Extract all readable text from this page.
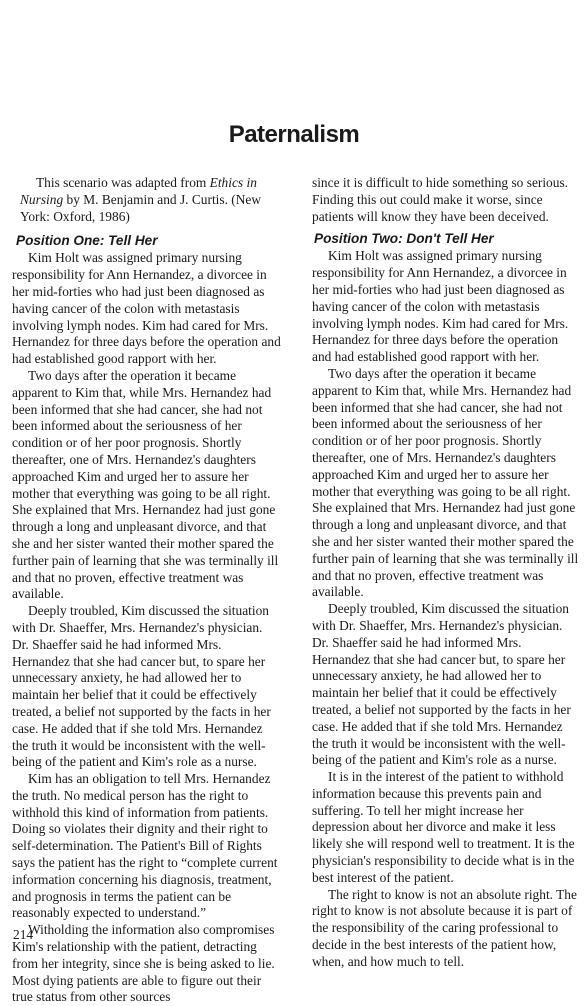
Paternalism

This scenario was adapted from Ethics in Nursing by M. Benjamin and J. Curtis. (New York: Oxford, 1986)

Position One: Tell Her

Kim Holt was assigned primary nursing responsibility for Ann Hernandez, a divorcee in her mid-forties who had just been diagnosed as having cancer of the colon with metastasis involving lymph nodes. Kim had cared for Mrs. Hernandez for three days before the operation and had established good rapport with her.

Two days after the operation it became apparent to Kim that, while Mrs. Hernandez had been informed that she had cancer, she had not been informed about the seriousness of her condition or of her poor prognosis. Shortly thereafter, one of Mrs. Hernandez's daughters approached Kim and urged her to assure her mother that everything was going to be all right. She explained that Mrs. Hernandez had just gone through a long and unpleasant divorce, and that she and her sister wanted their mother spared the further pain of learning that she was terminally ill and that no proven, effective treatment was available.

Deeply troubled, Kim discussed the situation with Dr. Shaeffer, Mrs. Hernandez's physician. Dr. Shaeffer said he had informed Mrs. Hernandez that she had cancer but, to spare her unnecessary anxiety, he had allowed her to maintain her belief that it could be effectively treated, a belief not supported by the facts in her case. He added that if she told Mrs. Hernandez the truth it would be inconsistent with the well-being of the patient and Kim's role as a nurse.

Kim has an obligation to tell Mrs. Hernandez the truth. No medical person has the right to withhold this kind of information from patients. Doing so violates their dignity and their right to self-determination. The Patient's Bill of Rights says the patient has the right to “complete current information concerning his diagnosis, treatment, and prognosis in terms the patient can be reasonably expected to understand.”

Witholding the information also compromises Kim's relationship with the patient, detracting from her integrity, since she is being asked to lie. Most dying patients are able to figure out their true status from other sources

since it is difficult to hide something so serious. Finding this out could make it worse, since patients will know they have been deceived.

Position Two: Don't Tell Her

Kim Holt was assigned primary nursing responsibility for Ann Hernandez, a divorcee in her mid-forties who had just been diagnosed as having cancer of the colon with metastasis involving lymph nodes. Kim had cared for Mrs. Hernandez for three days before the operation and had established good rapport with her.

Two days after the operation it became apparent to Kim that, while Mrs. Hernandez had been informed that she had cancer, she had not been informed about the seriousness of her condition or of her poor prognosis. Shortly thereafter, one of Mrs. Hernandez's daughters approached Kim and urged her to assure her mother that everything was going to be all right. She explained that Mrs. Hernandez had just gone through a long and unpleasant divorce, and that she and her sister wanted their mother spared the further pain of learning that she was terminally ill and that no proven, effective treatment was available.

Deeply troubled, Kim discussed the situation with Dr. Shaeffer, Mrs. Hernandez's physician. Dr. Shaeffer said he had informed Mrs. Hernandez that she had cancer but, to spare her unnecessary anxiety, he had allowed her to maintain her belief that it could be effectively treated, a belief not supported by the facts in her case. He added that if she told Mrs. Hernandez the truth it would be inconsistent with the well-being of the patient and Kim's role as a nurse.

It is in the interest of the patient to withhold information because this prevents pain and suffering. To tell her might increase her depression about her divorce and make it less likely she will respond well to treatment. It is the physician's responsibility to decide what is in the best interest of the patient.

The right to know is not an absolute right. The right to know is not absolute because it is part of the responsibility of the caring professional to decide in the best interests of the patient how, when, and how much to tell.

214
